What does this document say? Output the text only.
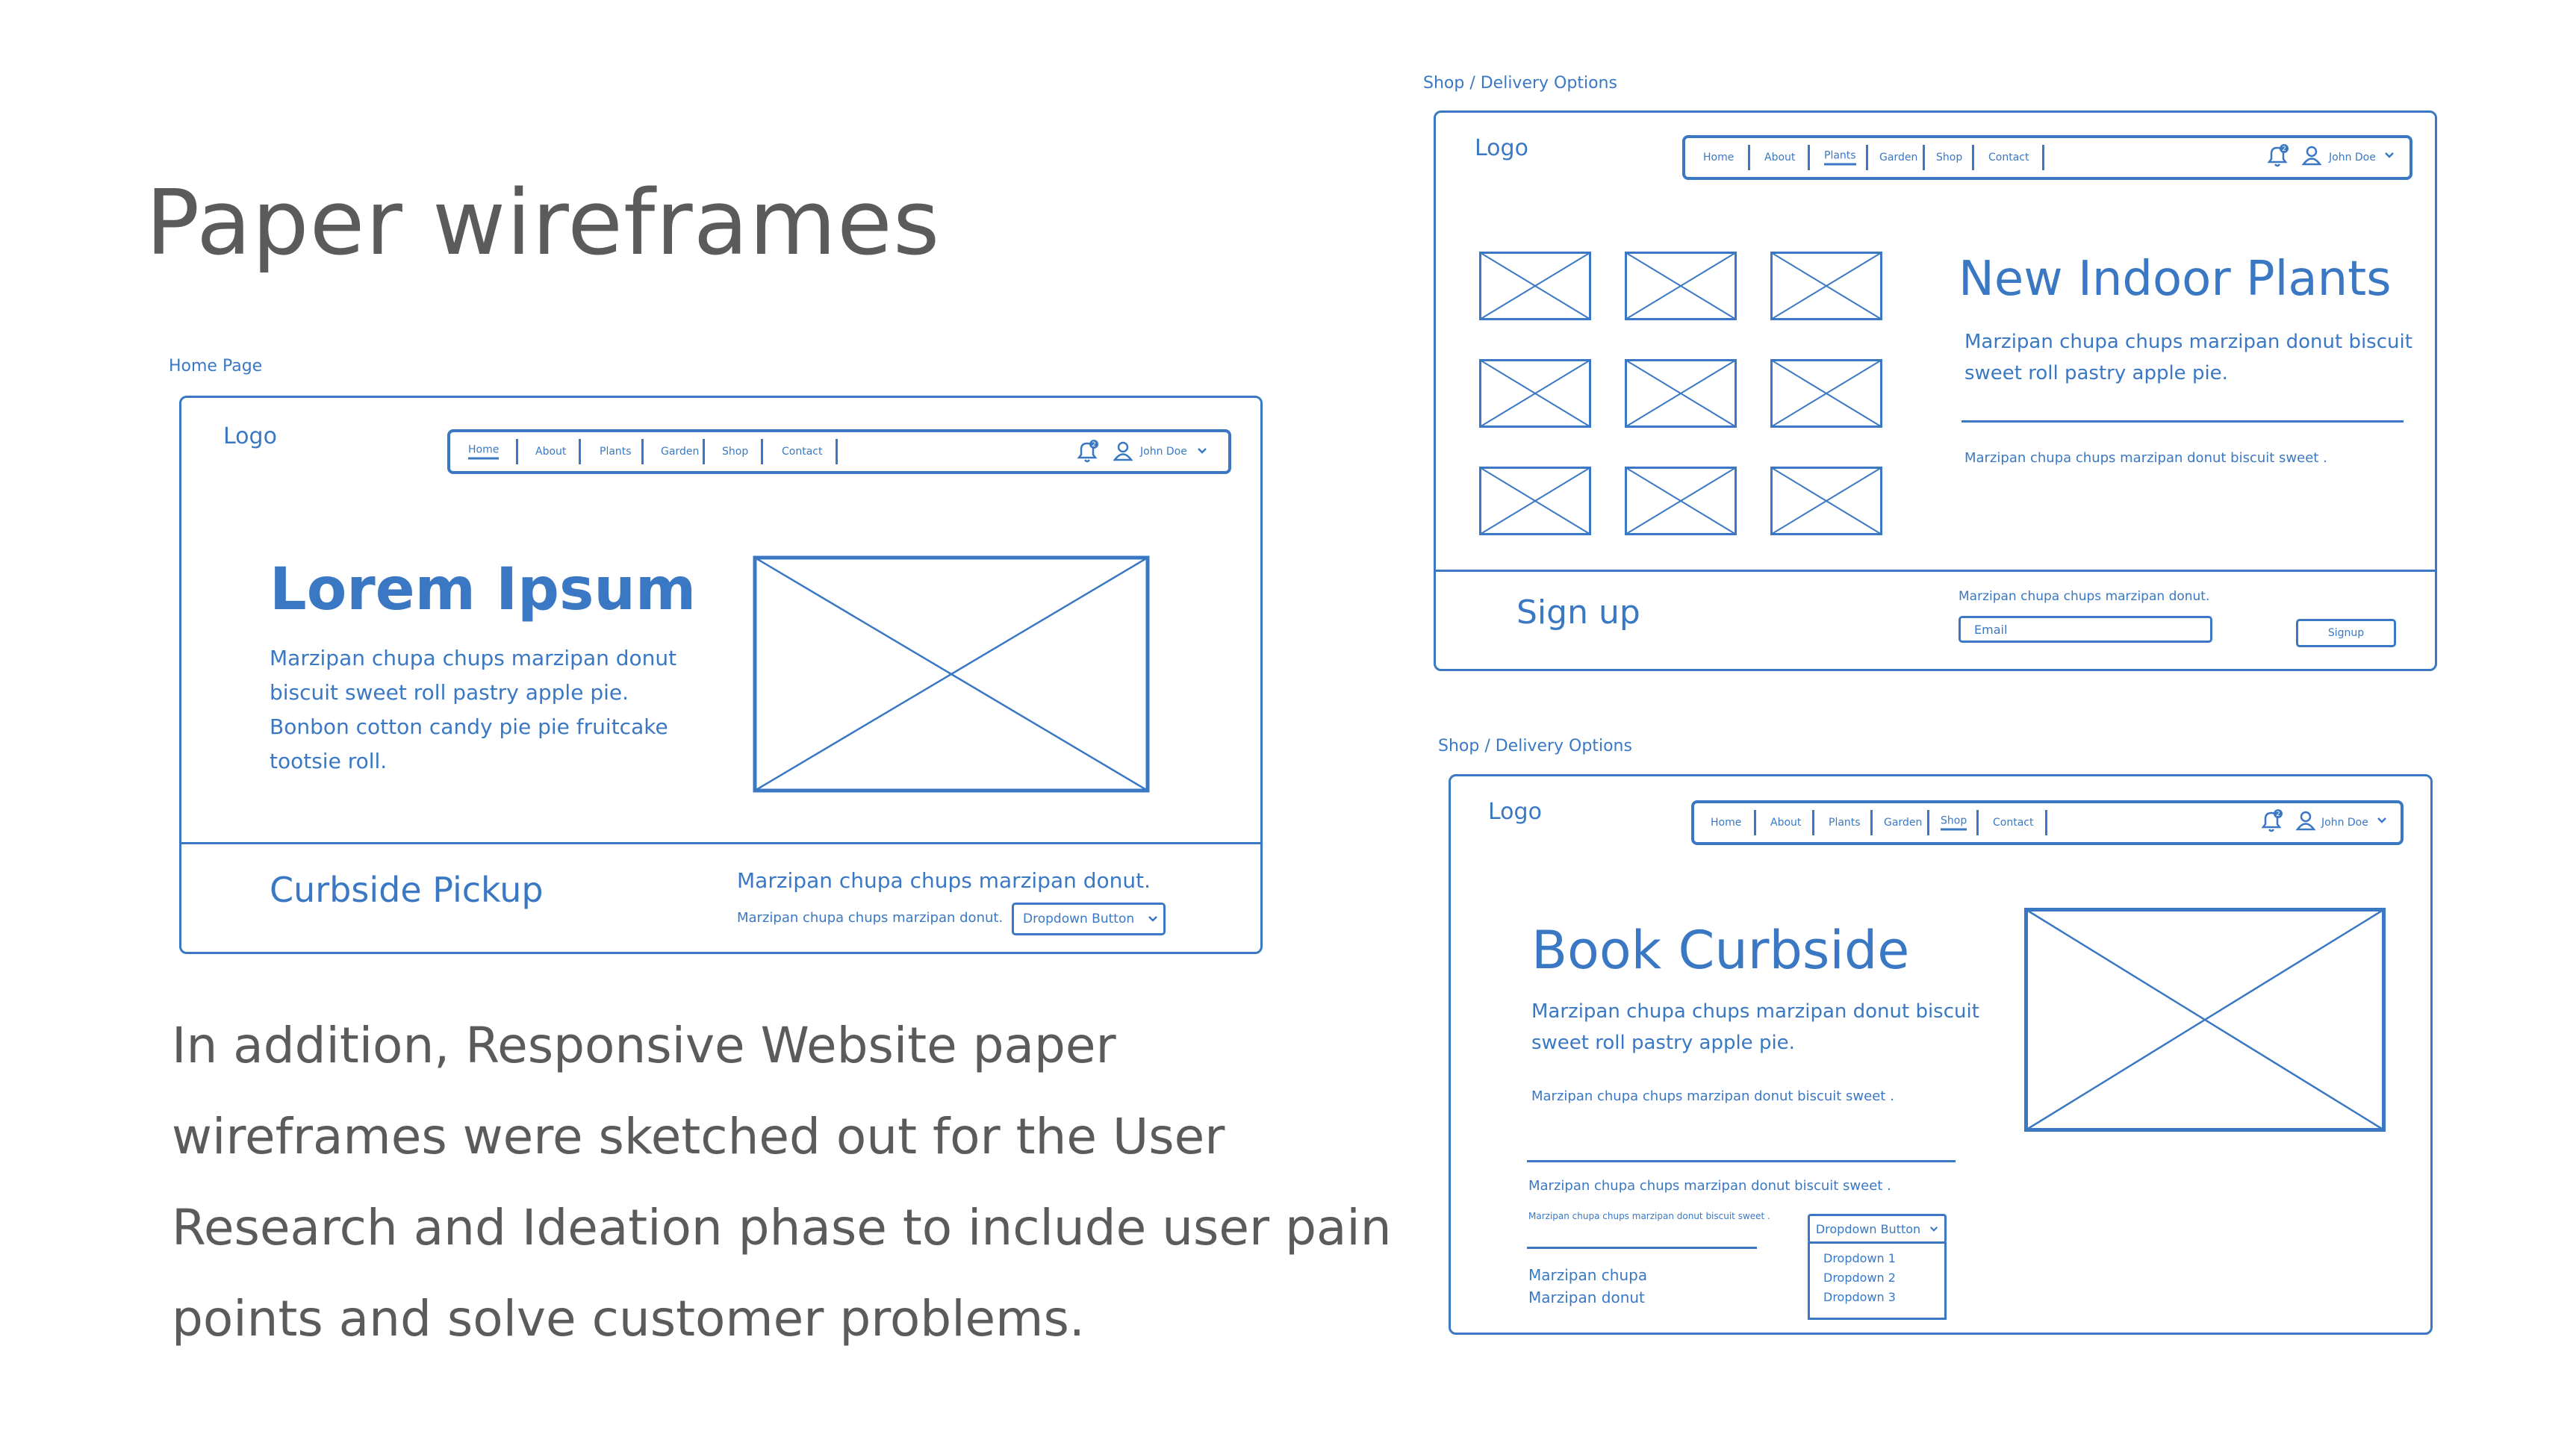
Paper wireframes
In addition, Responsive Website paper wireframes were sketched out for the User Research and Ideation phase to include user pain points and solve customer problems.
Home Page
Logo
Home	About	Plants	Garden Shop	Contact
2
John Doe
Lorem Ipsum
Marzipan chupa chups marzipan donut
biscuit sweet roll pastry apple pie.
Bonbon cotton candy pie pie fruitcake
tootsie roll.
Curbside Pickup	Marzipan chupa chups marzipan donut.
Marzipan chupa chups marzipan donut. Dropdown Button
Shop / Delivery Options
Logo	Home	About	Plants Garden Shop Contact
2
John Doe
New Indoor Plants
Marzipan chupa chups marzipan donut biscuit
sweet roll pastry apple pie.
Marzipan chupa chups marzipan donut biscuit sweet .
Sign up	Marzipan chupa chups marzipan donut.
Email	Signup
Shop / Delivery Options
Logo	Home	About	Plants Garden Shop Contact
2
John Doe
Book Curbside
Marzipan chupa chups marzipan donut biscuit
sweet roll pastry apple pie.
Marzipan chupa chups marzipan donut biscuit sweet .
Marzipan chupa chups marzipan donut biscuit sweet .
Marzipan chupa chups marzipan donut biscuit sweet .
Marzipan chupa
Marzipan donut
Dropdown Button
Dropdown 1
Dropdown 2
Dropdown 3
